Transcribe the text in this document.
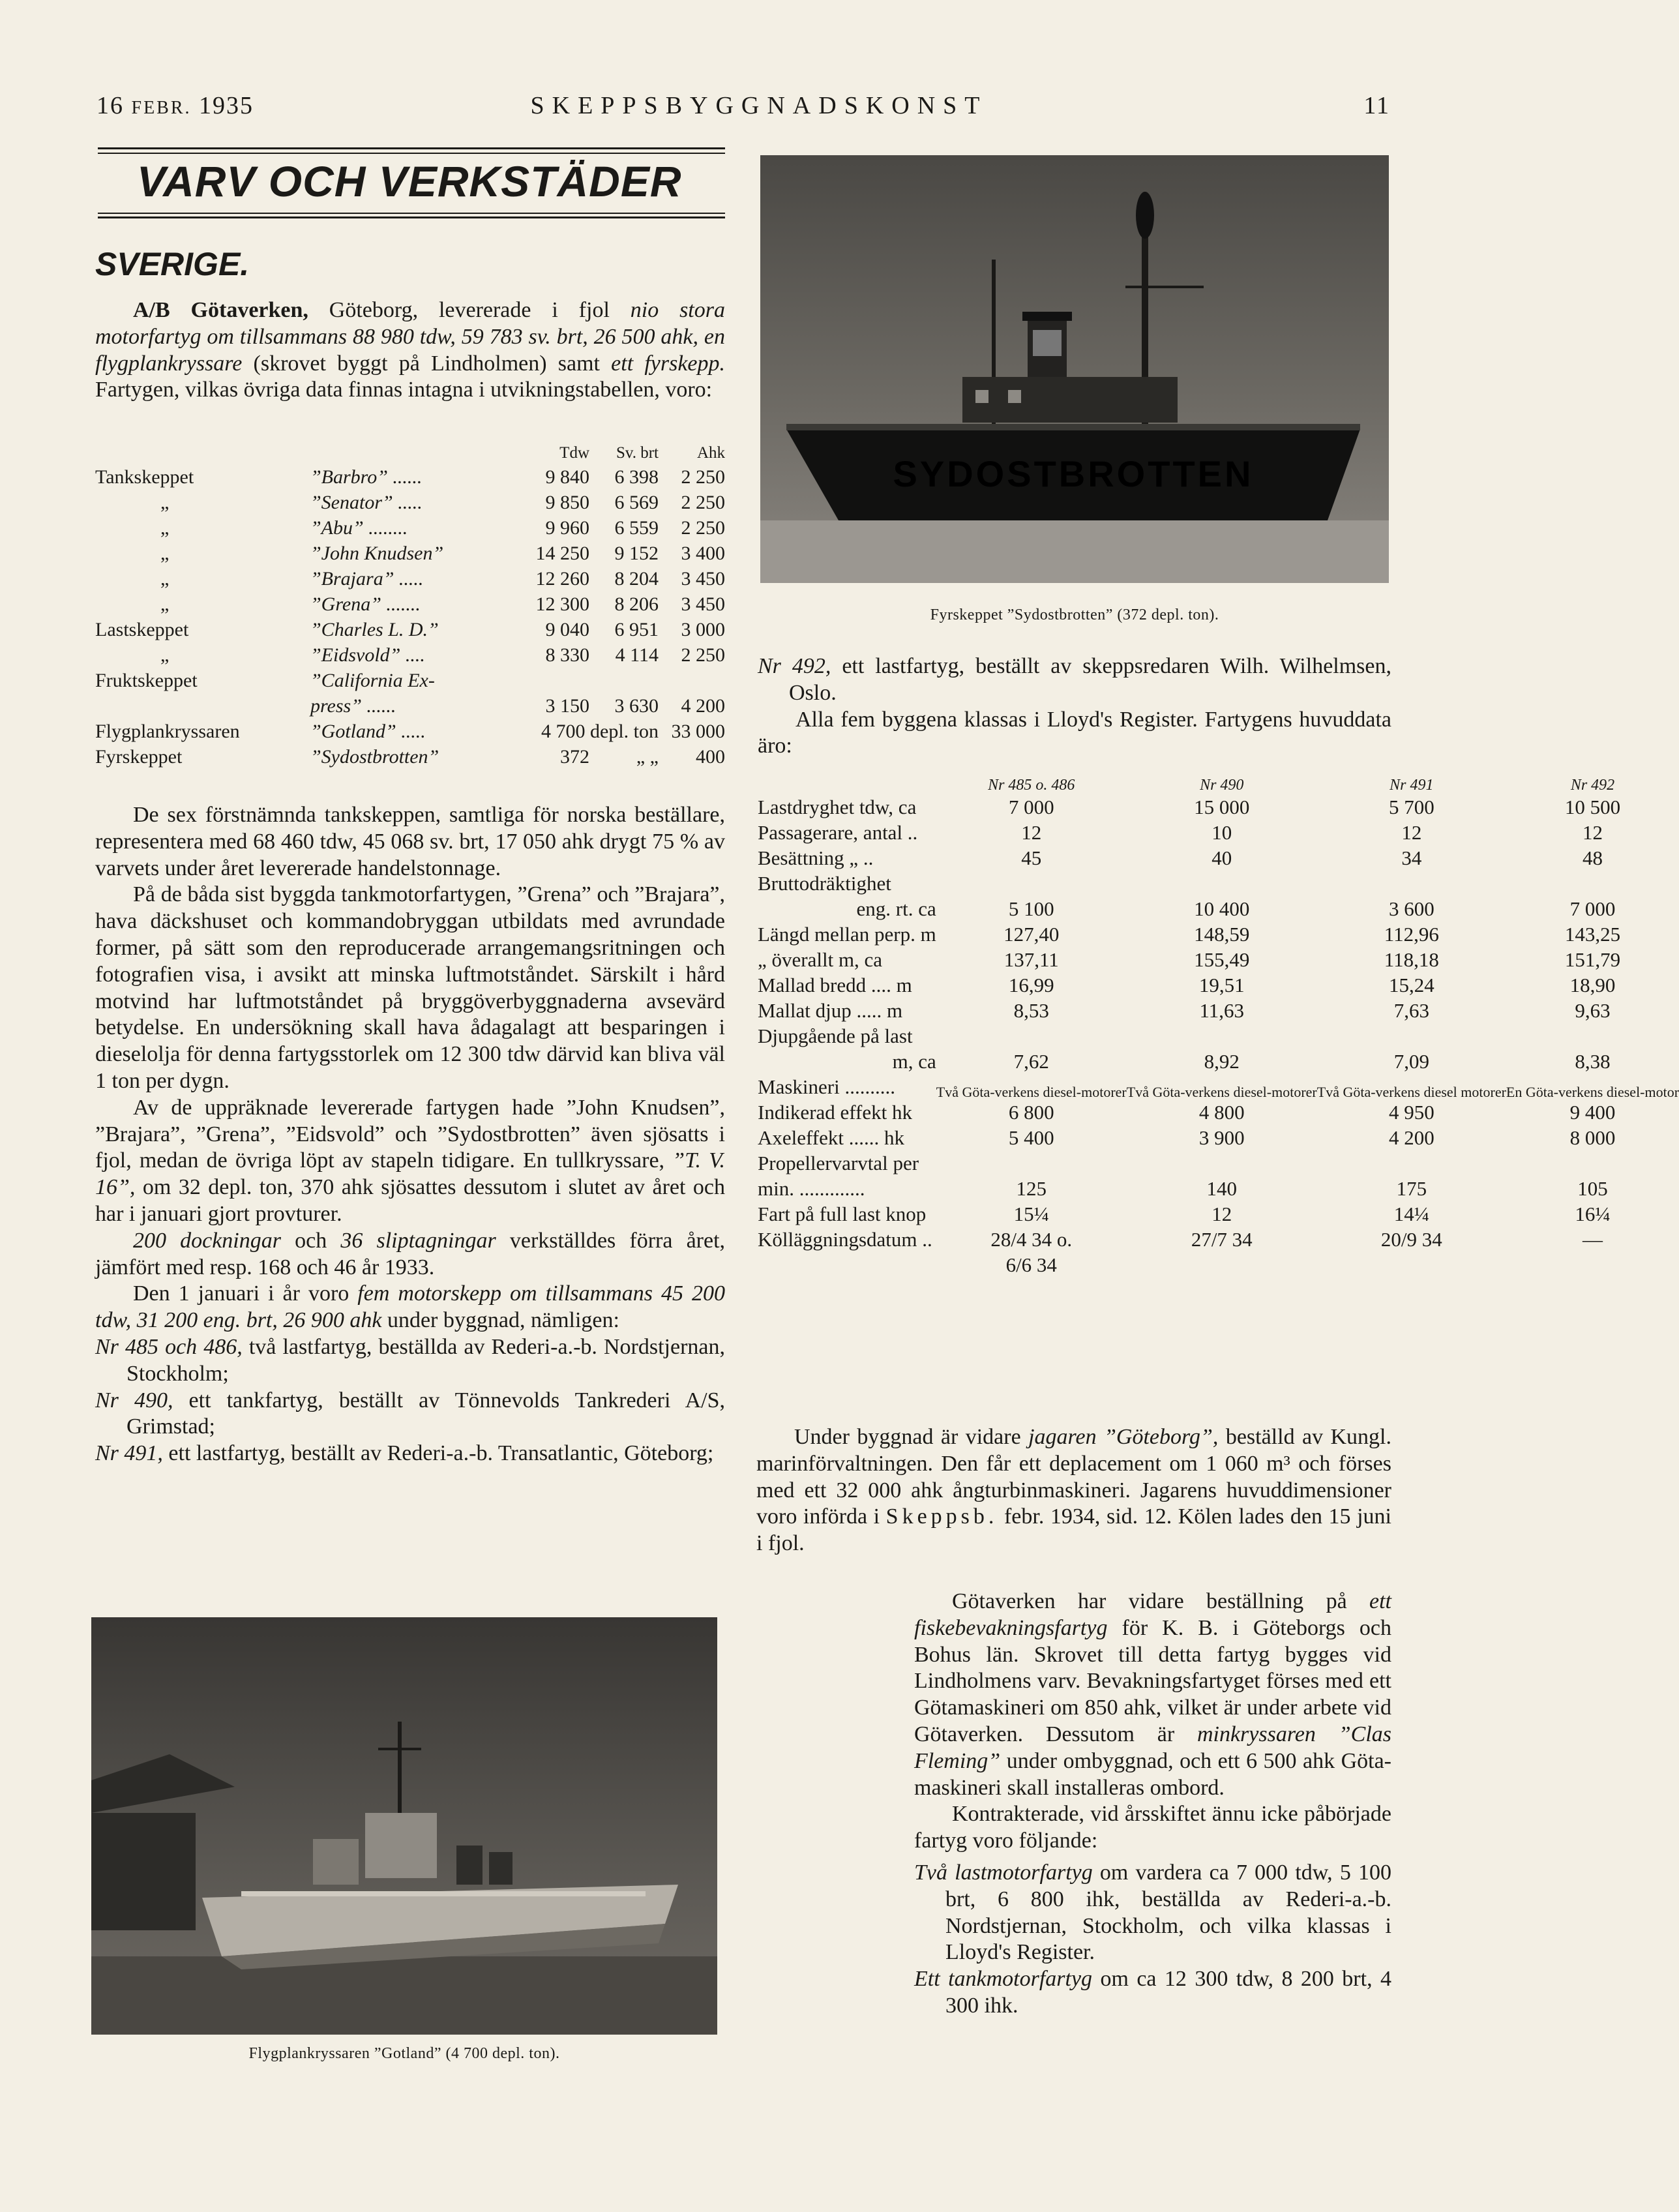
16 FEBR. 1935	SKEPPSBYGGNADSKONST	11
VARV OCH VERKSTÄDER
SVERIGE.

A/B Götaverken, Göteborg, levererade i fjol nio stora motorfartyg om tillsammans 88 980 tdw, 59 783 sv. brt, 26 500 ahk, en flygplankryssare (skrovet byggt på Lindholmen) samt ett fyrskepp. Fartygen, vilkas övriga data finnas intagna i utvikningstabellen, voro:

		Tdw	Sv. brt	Ahk
Tankskeppet	”Barbro” ......	9 840	6 398	2 250
„	”Senator” .....	9 850	6 569	2 250
„	”Abu” ........	9 960	6 559	2 250
„	”John Knudsen”	14 250	9 152	3 400
„	”Brajara” .....	12 260	8 204	3 450
„	”Grena” .......	12 300	8 206	3 450
Lastskeppet	”Charles L. D.”	9 040	6 951	3 000
„	”Eidsvold” ....	8 330	4 114	2 250
Fruktskeppet	”California Ex-			
	press” ......	3 150	3 630	4 200
Flygplankryssaren	”Gotland” .....	4 700 depl. ton		33 000
Fyrskeppet	”Sydostbrotten”	372	„ „	400

De sex förstnämnda tankskeppen, samtliga för norska beställare, representera med 68 460 tdw, 45 068 sv. brt, 17 050 ahk drygt 75 % av varvets under året levererade handelstonnage.

På de båda sist byggda tankmotorfartygen, ”Grena” och ”Brajara”, hava däckshuset och kommandobryggan utbildats med avrundade former, på sätt som den reproducerade arrangemangsritningen och fotografien visa, i avsikt att minska luftmotståndet. Särskilt i hård motvind har luftmotståndet på bryggöverbyggnaderna avsevärd betydelse. En undersökning skall hava ådagalagt att besparingen i dieselolja för denna fartygsstorlek om 12 300 tdw därvid kan bliva väl 1 ton per dygn.

Av de uppräknade levererade fartygen hade ”John Knudsen”, ”Brajara”, ”Grena”, ”Eidsvold” och ”Sydostbrotten” även sjösatts i fjol, medan de övriga löpt av stapeln tidigare. En tullkryssare, ”T. V. 16”, om 32 depl. ton, 370 ahk sjösattes dessutom i slutet av året och har i januari gjort provturer.

200 dockningar och 36 sliptagningar verkställdes förra året, jämfört med resp. 168 och 46 år 1933.

Den 1 januari i år voro fem motorskepp om tillsammans 45 200 tdw, 31 200 eng. brt, 26 900 ahk under byggnad, nämligen:

Nr 485 och 486, två lastfartyg, beställda av Rederi-a.-b. Nordstjernan, Stockholm;
Nr 490, ett tankfartyg, beställt av Tönnevolds Tankrederi A/S, Grimstad;
Nr 491, ett lastfartyg, beställt av Rederi-a.-b. Transatlantic, Göteborg;
SYDOSTBROTTEN
Fyrskeppet ”Sydostbrotten” (372 depl. ton).
Nr 492, ett lastfartyg, beställt av skeppsredaren Wilh. Wilhelmsen, Oslo.

Alla fem byggena klassas i Lloyd's Register. Fartygens huvuddata äro:

	Nr 485 o. 486	Nr 490	Nr 491	Nr 492
Lastdryghet tdw, ca	7 000	15 000	5 700	10 500
Passagerare, antal ..	12	10	12	12
Besättning „ ..	45	40	34	48
Bruttodräktighet				
eng. rt. ca	5 100	10 400	3 600	7 000
Längd mellan perp. m	127,40	148,59	112,96	143,25
„ överallt m, ca	137,11	155,49	118,18	151,79
Mallad bredd .... m	16,99	19,51	15,24	18,90
Mallat djup ..... m	8,53	11,63	7,63	9,63
Djupgående på last				
m, ca	7,62	8,92	7,09	8,38
Maskineri ..........	Två Göta-verkens diesel-motorer	Två Göta-verkens diesel-motorer	Två Göta-verkens diesel motorer	En Göta-verkens diesel-motor
Indikerad effekt hk	6 800	4 800	4 950	9 400
Axeleffekt ...... hk	5 400	3 900	4 200	8 000
Propellervarvtal per				
min. .............	125	140	175	105
Fart på full last knop	15¼	12	14¼	16¼
Kölläggningsdatum ..	28/4 34 o.	27/7 34	20/9 34	—
	6/6 34			
Flygplankryssaren ”Gotland” (4 700 depl. ton).

Under byggnad är vidare jagaren ”Göteborg”, beställd av Kungl. marinförvaltningen. Den får ett deplacement om 1 060 m³ och förses med ett 32 000 ahk ångturbinmaskineri. Jagarens huvuddimensioner voro införda i Skeppsb. febr. 1934, sid. 12. Kölen lades den 15 juni i fjol.

Götaverken har vidare beställning på ett fiskebevakningsfartyg för K. B. i Göteborgs och Bohus län. Skrovet till detta fartyg bygges vid Lindholmens varv. Bevakningsfartyget förses med ett Götamaskineri om 850 ahk, vilket är under arbete vid Götaverken. Dessutom är minkryssaren ”Clas Fleming” under ombyggnad, och ett 6 500 ahk Göta-maskineri skall installeras ombord.

Kontrakterade, vid årsskiftet ännu icke påbörjade fartyg voro följande:

Två lastmotorfartyg om vardera ca 7 000 tdw, 5 100 brt, 6 800 ihk, beställda av Rederi-a.-b. Nordstjernan, Stockholm, och vilka klassas i Lloyd's Register.
Ett tankmotorfartyg om ca 12 300 tdw, 8 200 brt, 4 300 ihk.
